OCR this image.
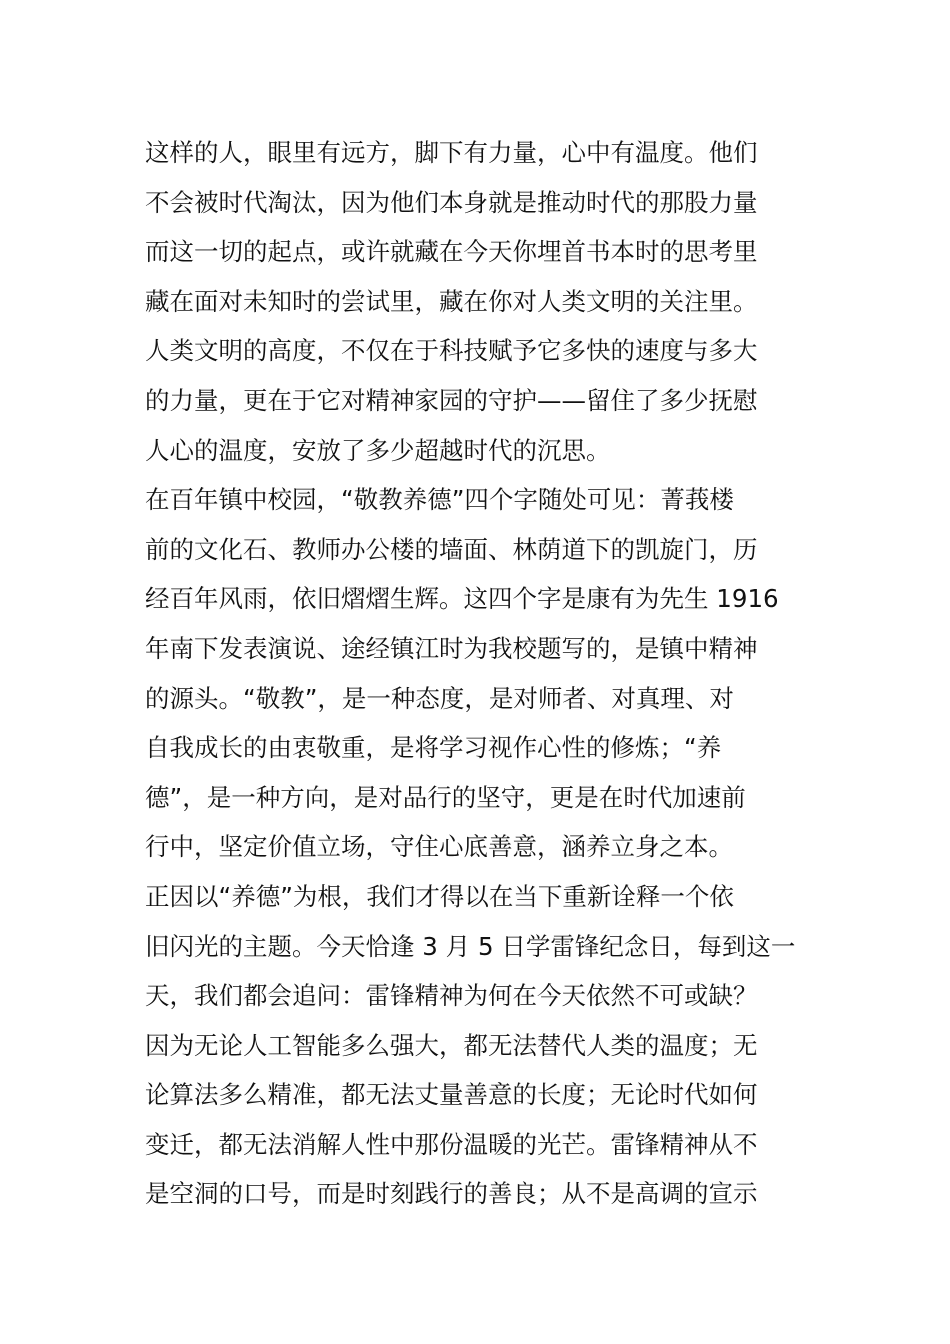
这样的人，眼里有远方，脚下有力量，心中有温度。他们
不会被时代淘汰，因为他们本身就是推动时代的那股力量
而这一切的起点，或许就藏在今天你埋首书本时的思考里
藏在面对未知时的尝试里，藏在你对人类文明的关注里。
人类文明的高度，不仅在于科技赋予它多快的速度与多大
的力量，更在于它对精神家园的守护——留住了多少抚慰
人心的温度，安放了多少超越时代的沉思。
在百年镇中校园，“敬教养德”四个字随处可见：菁莪楼
前的文化石、教师办公楼的墙面、林荫道下的凯旋门，历
经百年风雨，依旧熠熠生辉。这四个字是康有为先生 1916
年南下发表演说、途经镇江时为我校题写的，是镇中精神
的源头。“敬教”，是一种态度，是对师者、对真理、对
自我成长的由衷敬重，是将学习视作心性的修炼；“养
德”，是一种方向，是对品行的坚守，更是在时代加速前
行中，坚定价值立场，守住心底善意，涵养立身之本。
正因以“养德”为根，我们才得以在当下重新诠释一个依
旧闪光的主题。今天恰逢 3 月 5 日学雷锋纪念日，每到这一
天，我们都会追问：雷锋精神为何在今天依然不可或缺？
因为无论人工智能多么强大，都无法替代人类的温度；无
论算法多么精准，都无法丈量善意的长度；无论时代如何
变迁，都无法消解人性中那份温暖的光芒。雷锋精神从不
是空洞的口号，而是时刻践行的善良；从不是高调的宣示
